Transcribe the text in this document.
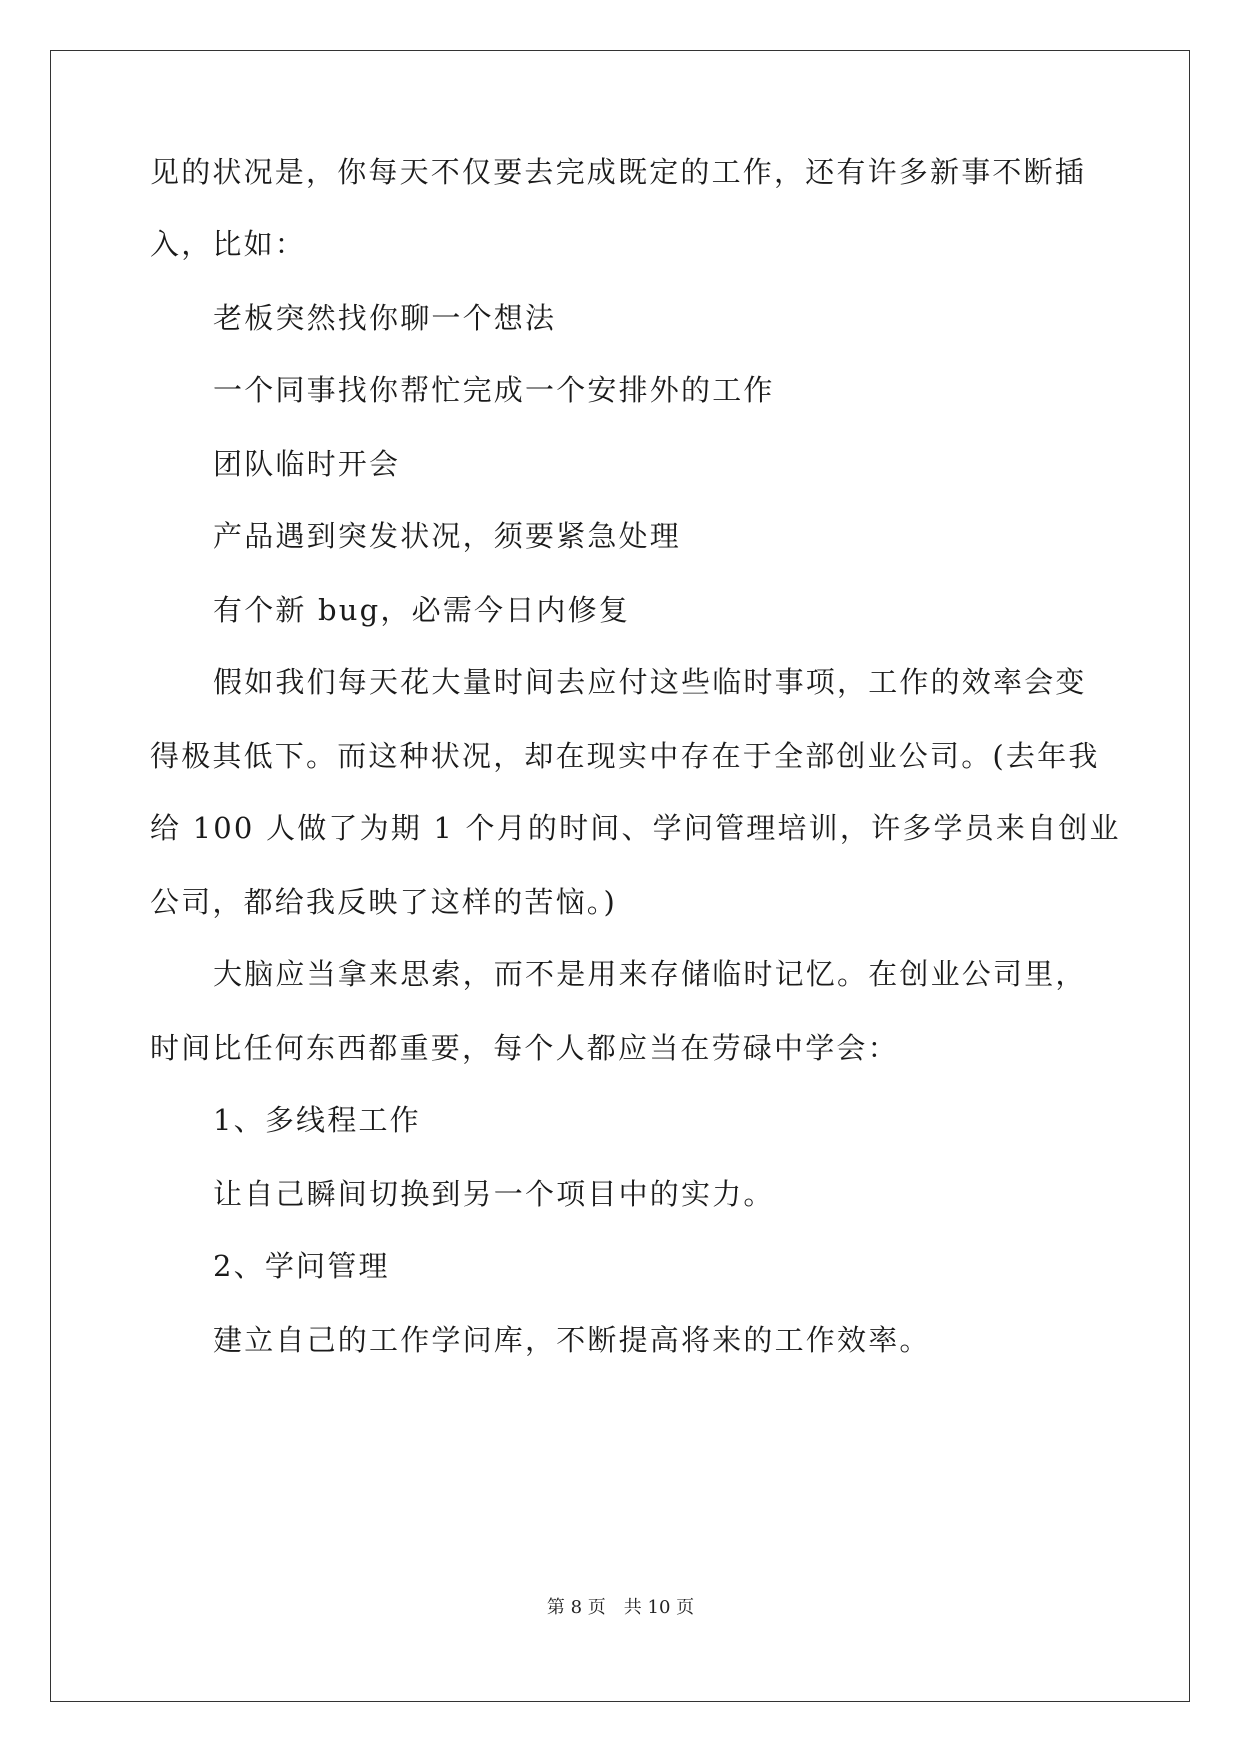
见的状况是，你每天不仅要去完成既定的工作，还有许多新事不断插
入，比如：
老板突然找你聊一个想法
一个同事找你帮忙完成一个安排外的工作
团队临时开会
产品遇到突发状况，须要紧急处理
有个新 bug，必需今日内修复
假如我们每天花大量时间去应付这些临时事项，工作的效率会变
得极其低下。而这种状况，却在现实中存在于全部创业公司。(去年我
给 100 人做了为期 1 个月的时间、学问管理培训，许多学员来自创业
公司，都给我反映了这样的苦恼。)
大脑应当拿来思索，而不是用来存储临时记忆。在创业公司里，
时间比任何东西都重要，每个人都应当在劳碌中学会：
1、多线程工作
让自己瞬间切换到另一个项目中的实力。
2、学问管理
建立自己的工作学问库，不断提高将来的工作效率。
第 8 页 共 10 页
